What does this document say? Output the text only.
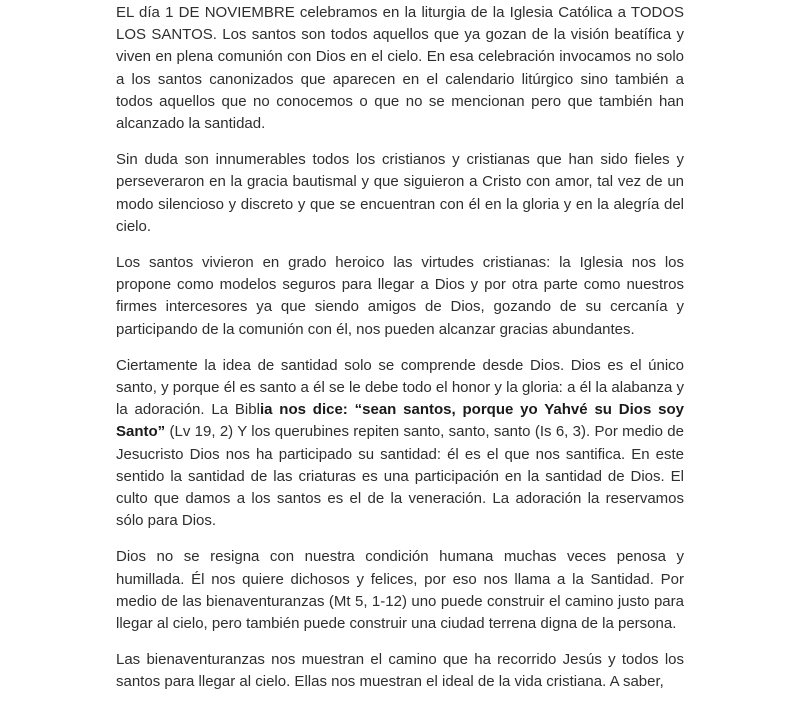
EL día 1 DE NOVIEMBRE celebramos en la liturgia de la Iglesia Católica a TODOS LOS SANTOS. Los santos son todos aquellos que ya gozan de la visión beatífica y viven en plena comunión con Dios en el cielo. En esa celebración invocamos no solo a los santos canonizados que aparecen en el calendario litúrgico sino también a todos aquellos que no conocemos o que no se mencionan pero que también han alcanzado la santidad.

Sin duda son innumerables todos los cristianos y cristianas que han sido fieles y perseveraron en la gracia bautismal y que siguieron a Cristo con amor, tal vez de un modo silencioso y discreto y que se encuentran con él en la gloria y en la alegría del cielo.

Los santos vivieron en grado heroico las virtudes cristianas: la Iglesia nos los propone como modelos seguros para llegar a Dios y por otra parte como nuestros firmes intercesores ya que siendo amigos de Dios, gozando de su cercanía y participando de la comunión con él, nos pueden alcanzar gracias abundantes.

Ciertamente la idea de santidad solo se comprende desde Dios. Dios es el único santo, y porque él es santo a él se le debe todo el honor y la gloria: a él la alabanza y la adoración. La Biblia nos dice: “sean santos, porque yo Yahvé su Dios soy Santo” (Lv 19, 2) Y los querubines repiten santo, santo, santo (Is 6, 3). Por medio de Jesucristo Dios nos ha participado su santidad: él es el que nos santifica. En este sentido la santidad de las criaturas es una participación en la santidad de Dios. El culto que damos a los santos es el de la veneración. La adoración la reservamos sólo para Dios.

Dios no se resigna con nuestra condición humana muchas veces penosa y humillada. Él nos quiere dichosos y felices, por eso nos llama a la Santidad. Por medio de las bienaventuranzas (Mt 5, 1-12) uno puede construir el camino justo para llegar al cielo, pero también puede construir una ciudad terrena digna de la persona.

Las bienaventuranzas nos muestran el camino que ha recorrido Jesús y todos los santos para llegar al cielo. Ellas nos muestran el ideal de la vida cristiana. A saber,
